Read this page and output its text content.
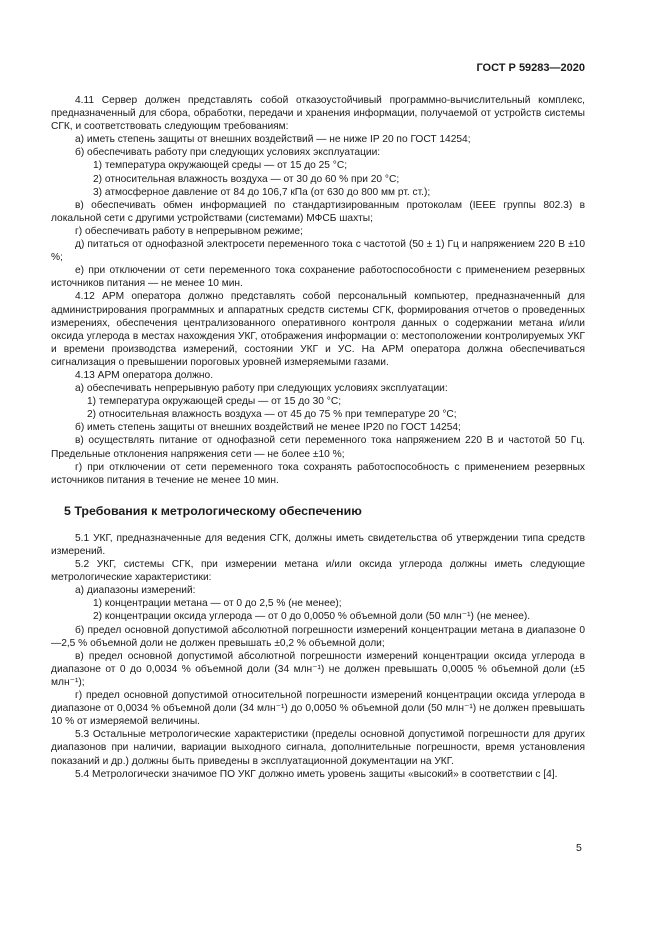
ГОСТ Р 59283—2020

4.11 Сервер должен представлять собой отказоустойчивый программно-вычислительный комплекс, предназначенный для сбора, обработки, передачи и хранения информации, получаемой от устройств системы СГК, и соответствовать следующим требованиям:

а) иметь степень защиты от внешних воздействий — не ниже IP 20 по ГОСТ 14254;

б) обеспечивать работу при следующих условиях эксплуатации:

1) температура окружающей среды — от 15 до 25 °С;

2) относительная влажность воздуха — от 30 до 60 % при 20 °С;

3) атмосферное давление от 84 до 106,7 кПа (от 630 до 800 мм рт. ст.);

в) обеспечивать обмен информацией по стандартизированным протоколам (IEEE группы 802.3) в локальной сети с другими устройствами (системами) МФСБ шахты;

г) обеспечивать работу в непрерывном режиме;

д) питаться от однофазной электросети переменного тока с частотой (50 ± 1) Гц и напряжением 220 В ±10 %;

е) при отключении от сети переменного тока сохранение работоспособности с применением резервных источников питания — не менее 10 мин.

4.12 АРМ оператора должно представлять собой персональный компьютер, предназначенный для администрирования программных и аппаратных средств системы СГК, формирования отчетов о проведенных измерениях, обеспечения централизованного оперативного контроля данных о содержании метана и/или оксида углерода в местах нахождения УКГ, отображения информации о: местоположении контролируемых УКГ и времени производства измерений, состоянии УКГ и УС. На АРМ оператора должна обеспечиваться сигнализация о превышении пороговых уровней измеряемыми газами.

4.13 АРМ оператора должно.

а) обеспечивать непрерывную работу при следующих условиях эксплуатации:

1) температура окружающей среды — от 15 до 30 °С;

2) относительная влажность воздуха — от 45 до 75 % при температуре 20 °С;

б) иметь степень защиты от внешних воздействий не менее IP20 по ГОСТ 14254;

в) осуществлять питание от однофазной сети переменного тока напряжением 220 В и частотой 50 Гц. Предельные отклонения напряжения сети — не более ±10 %;

г) при отключении от сети переменного тока сохранять работоспособность с применением резервных источников питания в течение не менее 10 мин.

5 Требования к метрологическому обеспечению

5.1 УКГ, предназначенные для ведения СГК, должны иметь свидетельства об утверждении типа средств измерений.

5.2 УКГ, системы СГК, при измерении метана и/или оксида углерода должны иметь следующие метрологические характеристики:

а) диапазоны измерений:

1) концентрации метана — от 0 до 2,5 % (не менее);

2) концентрации оксида углерода — от 0 до 0,0050 % объемной доли (50 млн⁻¹) (не менее).

б) предел основной допустимой абсолютной погрешности измерений концентрации метана в диапазоне 0—2,5 % объемной доли не должен превышать ±0,2 % объемной доли;

в) предел основной допустимой абсолютной погрешности измерений концентрации оксида углерода в диапазоне от 0 до 0,0034 % объемной доли (34 млн⁻¹) не должен превышать 0,0005 % объемной доли (±5 млн⁻¹);

г) предел основной допустимой относительной погрешности измерений концентрации оксида углерода в диапазоне от 0,0034 % объемной доли (34 млн⁻¹) до 0,0050 % объемной доли (50 млн⁻¹) не должен превышать 10 % от измеряемой величины.

5.3 Остальные метрологические характеристики (пределы основной допустимой погрешности для других диапазонов при наличии, вариации выходного сигнала, дополнительные погрешности, время установления показаний и др.) должны быть приведены в эксплуатационной документации на УКГ.

5.4 Метрологически значимое ПО УКГ должно иметь уровень защиты «высокий» в соответствии с [4].

5
